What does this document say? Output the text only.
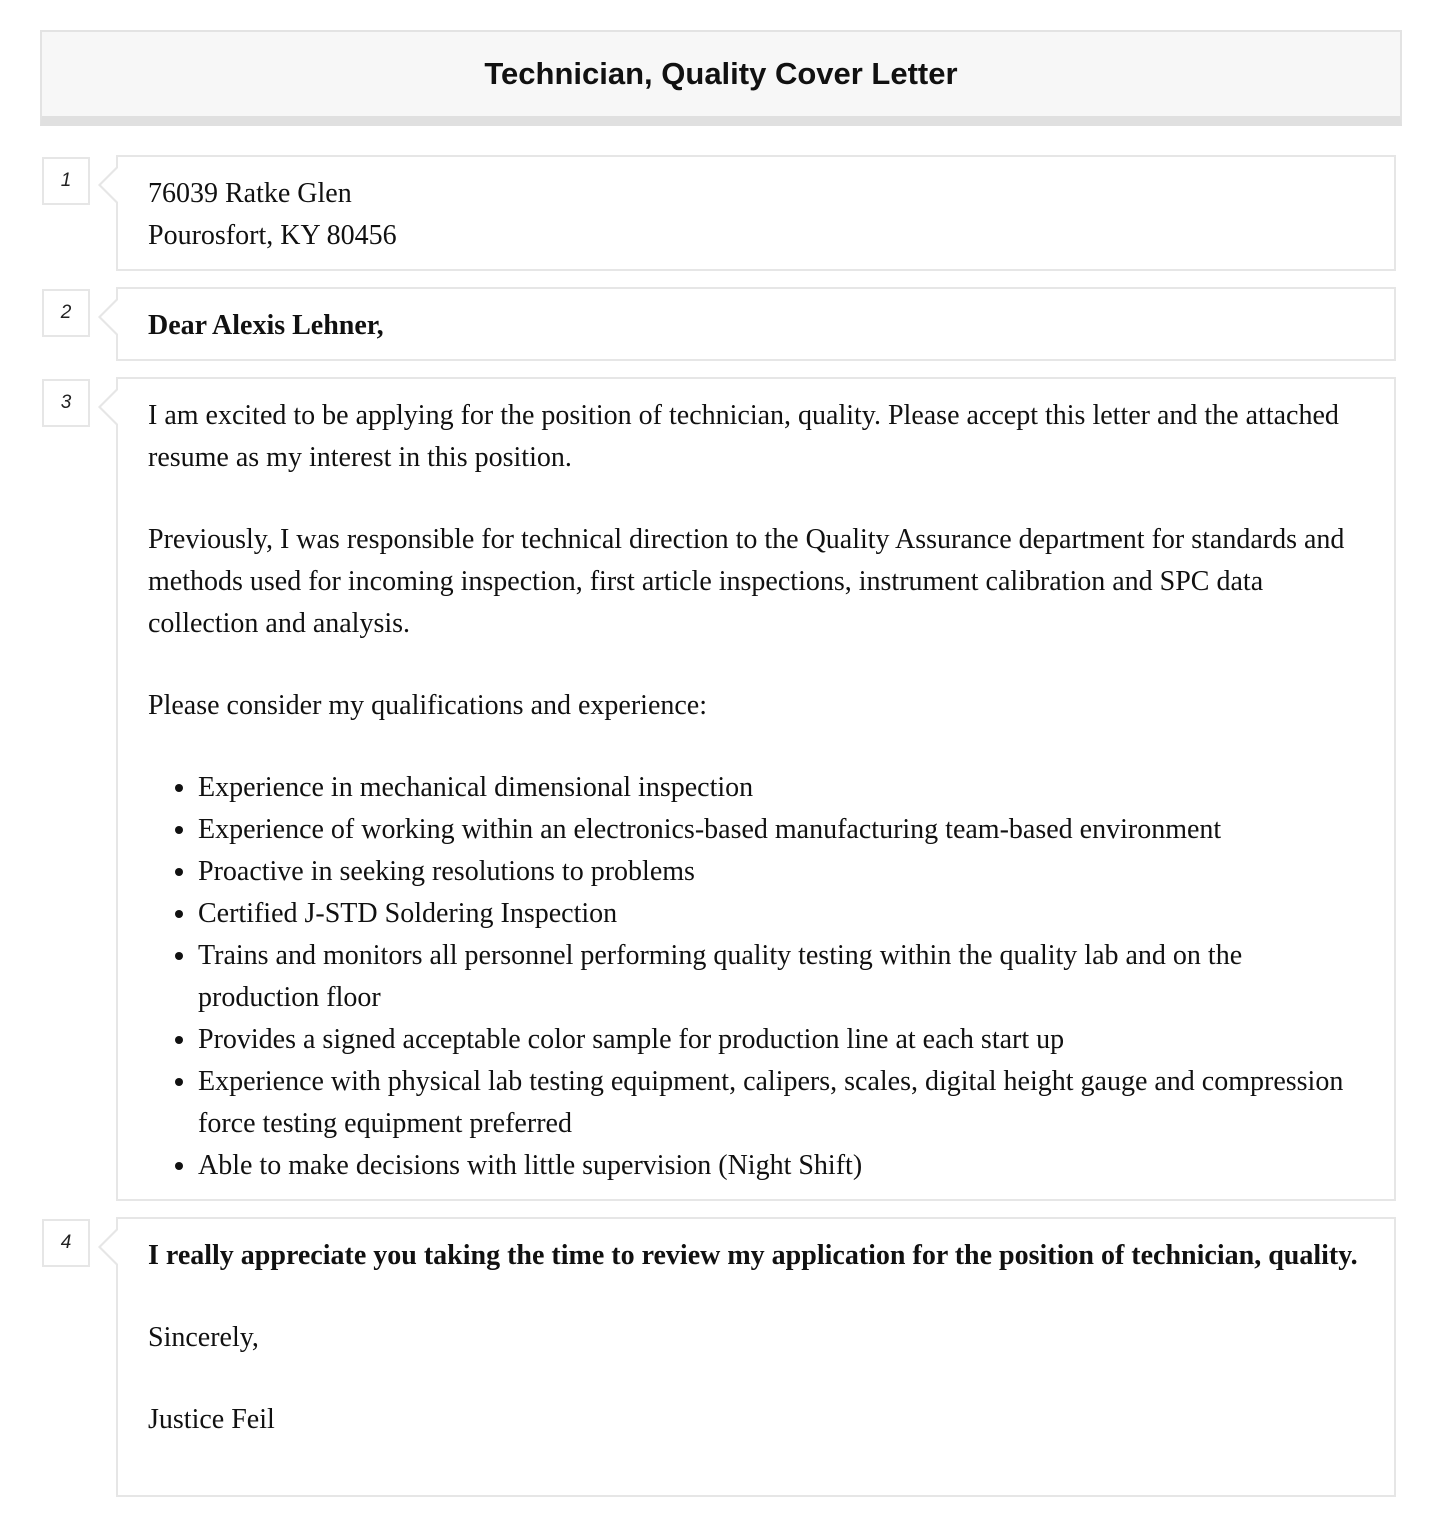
Technician, Quality Cover Letter
1	76039 Ratke Glen

Pourosfort, KY 80456

2	Dear Alexis Lehner,

3	I am excited to be applying for the position of technician, quality. Please accept this letter and the attached resume as my interest in this position.

Previously, I was responsible for technical direction to the Quality Assurance department for standards and methods used for incoming inspection, first article inspections, instrument calibration and SPC data collection and analysis.

Please consider my qualifications and experience:

• Experience in mechanical dimensional inspection
• Experience of working within an electronics-based manufacturing team-based environment
• Proactive in seeking resolutions to problems
• Certified J-STD Soldering Inspection
• Trains and monitors all personnel performing quality testing within the quality lab and on the production floor
• Provides a signed acceptable color sample for production line at each start up
• Experience with physical lab testing equipment, calipers, scales, digital height gauge and compression force testing equipment preferred
• Able to make decisions with little supervision (Night Shift)
4	I really appreciate you taking the time to review my application for the position of technician, quality.

Sincerely,

Justice Feil
